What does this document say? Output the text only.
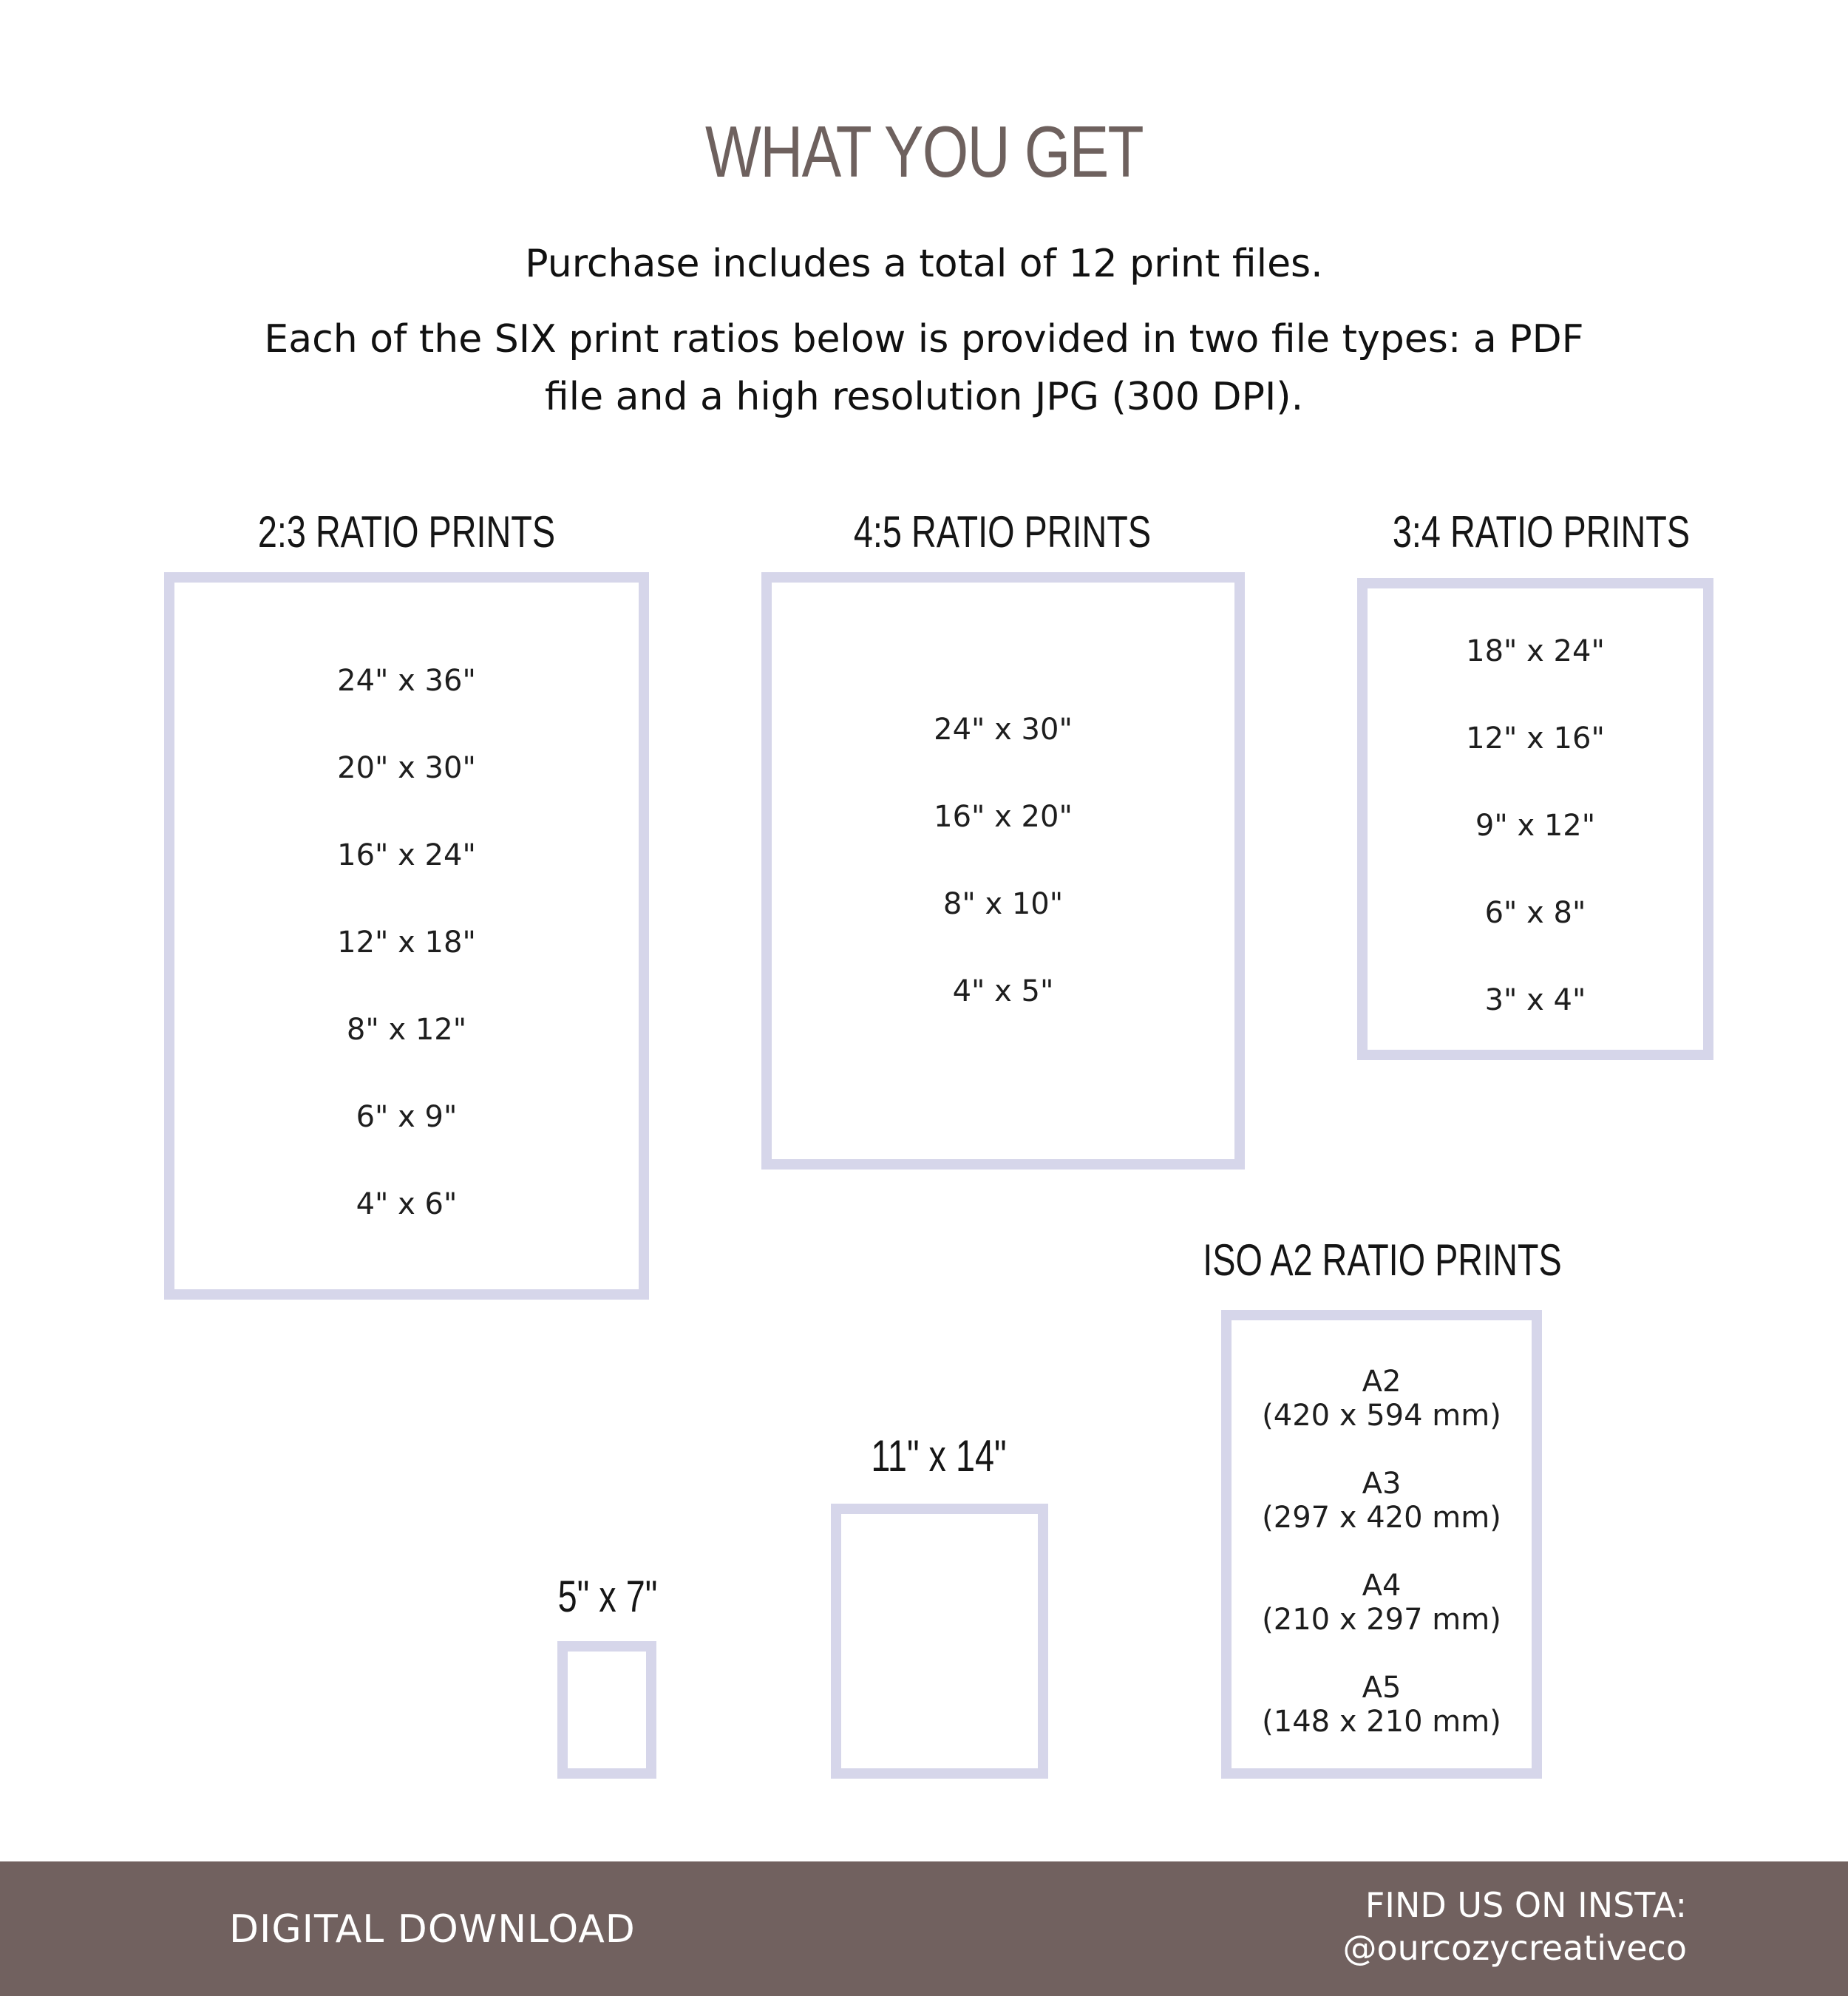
WHAT YOU GET
Purchase includes a total of 12 print files.
Each of the SIX print ratios below is provided in two file types: a PDF file and a high resolution JPG (300 DPI).
2:3 RATIO PRINTS
24" x 36"
20" x 30"
16" x 24"
12" x 18"
8" x 12"
6" x 9"
4" x 6"
4:5 RATIO PRINTS
24" x 30"
16" x 20"
8" x 10"
4" x 5"
3:4 RATIO PRINTS
18" x 24"
12" x 16"
9" x 12"
6" x 8"
3" x 4"
ISO A2 RATIO PRINTS
A2
(420 x 594 mm)
A3
(297 x 420 mm)
A4
(210 x 297 mm)
A5
(148 x 210 mm)
11" x 14"
5" x 7"
DIGITAL DOWNLOAD
FIND US ON INSTA:
@ourcozycreativeco
